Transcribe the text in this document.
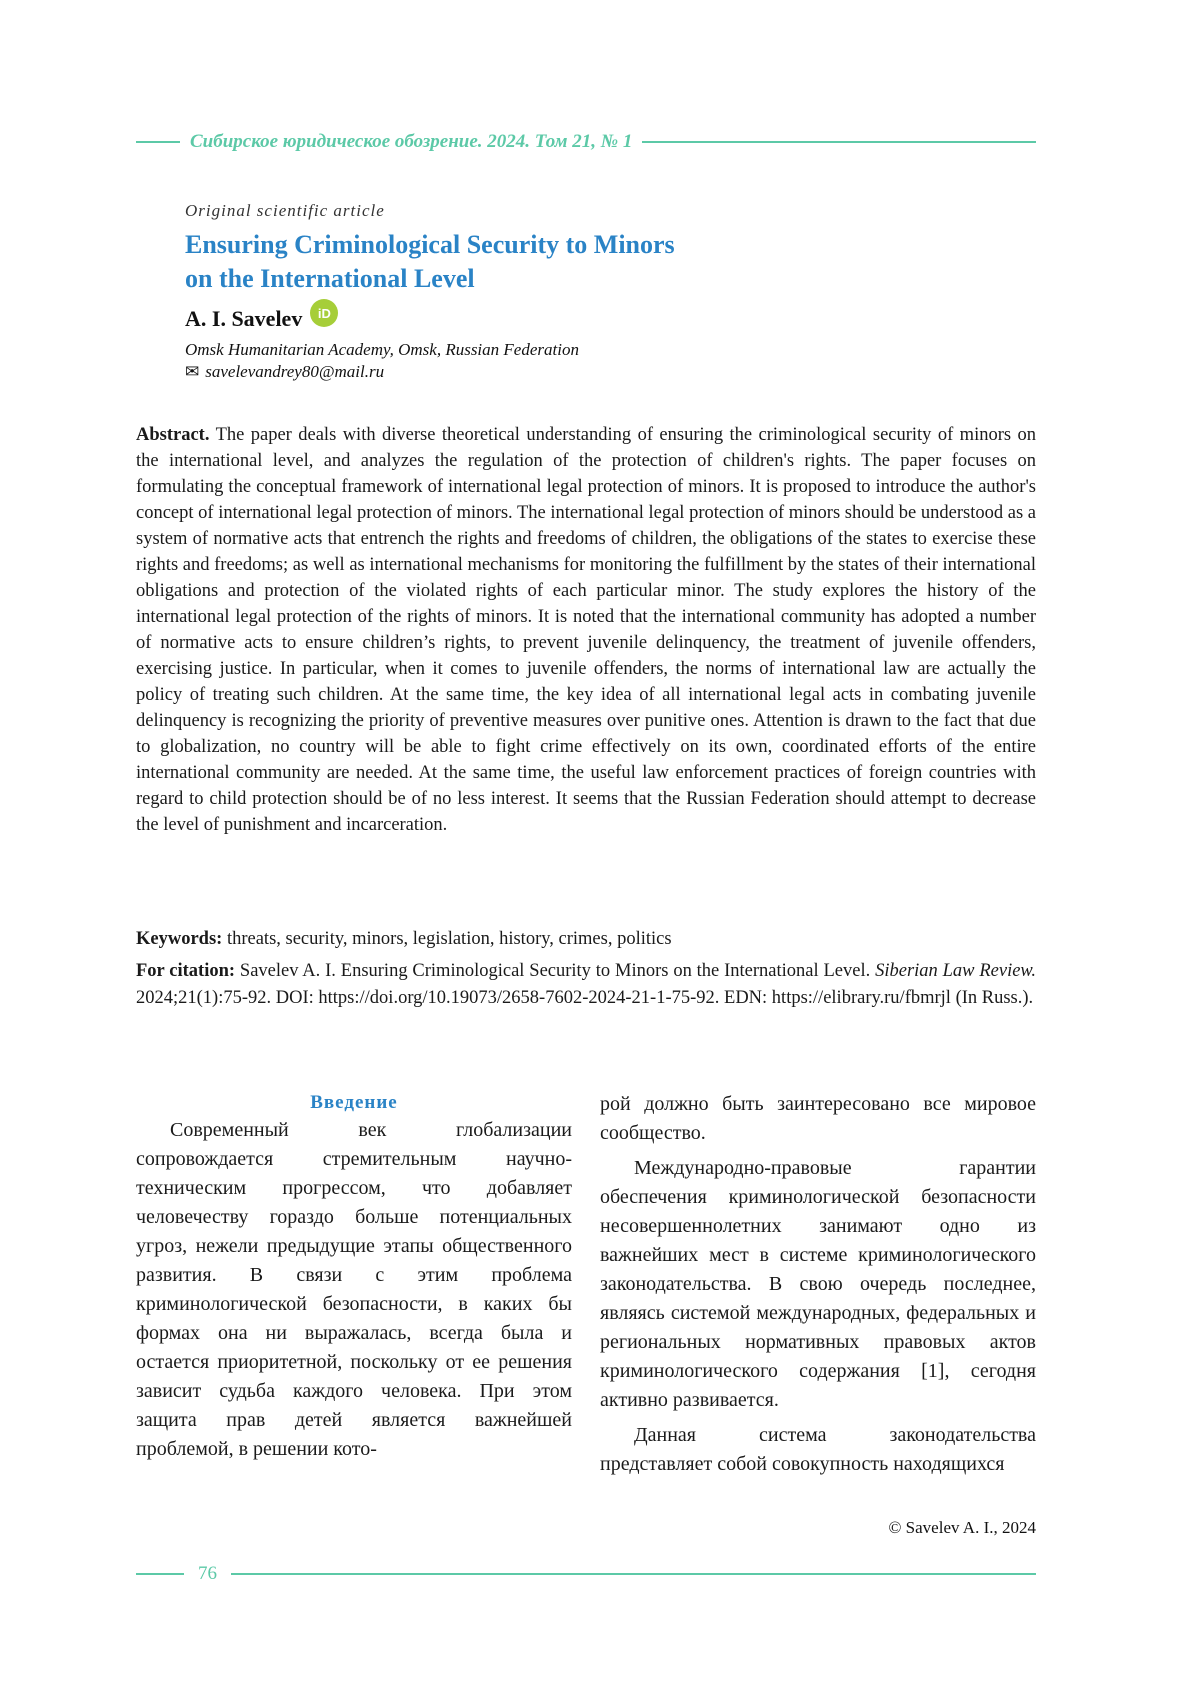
Сибирское юридическое обозрение. 2024. Том 21, № 1
Original scientific article
Ensuring Criminological Security to Minors
on the International Level
A. I. Savelev	iD
Omsk Humanitarian Academy, Omsk, Russian Federation
✉ savelevandrey80@mail.ru

Abstract. The paper deals with diverse theoretical understanding of ensuring the criminological security of minors on the international level, and analyzes the regulation of the protection of children's rights. The paper focuses on formulating the conceptual framework of international legal protection of minors. It is proposed to introduce the author's concept of international legal protection of minors. The international legal protection of minors should be understood as a system of normative acts that entrench the rights and freedoms of children, the obligations of the states to exercise these rights and freedoms; as well as international mechanisms for monitoring the fulfillment by the states of their international obligations and protection of the violated rights of each particular minor. The study explores the history of the international legal protection of the rights of minors. It is noted that the international community has adopted a number of normative acts to ensure children’s rights, to prevent juvenile delinquency, the treatment of juvenile offenders, exercising justice. In particular, when it comes to juvenile offenders, the norms of international law are actually the policy of treating such children. At the same time, the key idea of all international legal acts in combating juvenile delinquency is recognizing the priority of preventive measures over punitive ones. Attention is drawn to the fact that due to globalization, no country will be able to fight crime effectively on its own, coordinated efforts of the entire international community are needed. At the same time, the useful law enforcement practices of foreign countries with regard to child protection should be of no less interest. It seems that the Russian Federation should attempt to decrease the level of punishment and incarceration.

Keywords: threats, security, minors, legislation, history, crimes, politics

For citation: Savelev A. I. Ensuring Criminological Security to Minors on the International Level. Siberian Law Review. 2024;21(1):75-92. DOI: https://doi.org/10.19073/2658-7602-2024-21-1-75-92. EDN: https://elibrary.ru/fbmrjl (In Russ.).

Введение

Современный век глобализации сопровождается стремительным научно-техническим прогрессом, что добавляет человечеству гораздо больше потенциальных угроз, нежели предыдущие этапы общественного развития. В связи с этим проблема криминологической безопасности, в каких бы формах она ни выражалась, всегда была и остается приоритетной, поскольку от ее решения зависит судьба каждого человека. При этом защита прав детей является важнейшей проблемой, в решении кото-

рой должно быть заинтересовано все мировое сообщество.

Международно-правовые гарантии обеспечения криминологической безопасности несовершеннолетних занимают одно из важнейших мест в системе криминологического законодательства. В свою очередь последнее, являясь системой международных, федеральных и региональных нормативных правовых актов криминологического содержания [1], сегодня активно развивается.

Данная система законодательства представляет собой совокупность находящихся

© Savelev A. I., 2024
76
